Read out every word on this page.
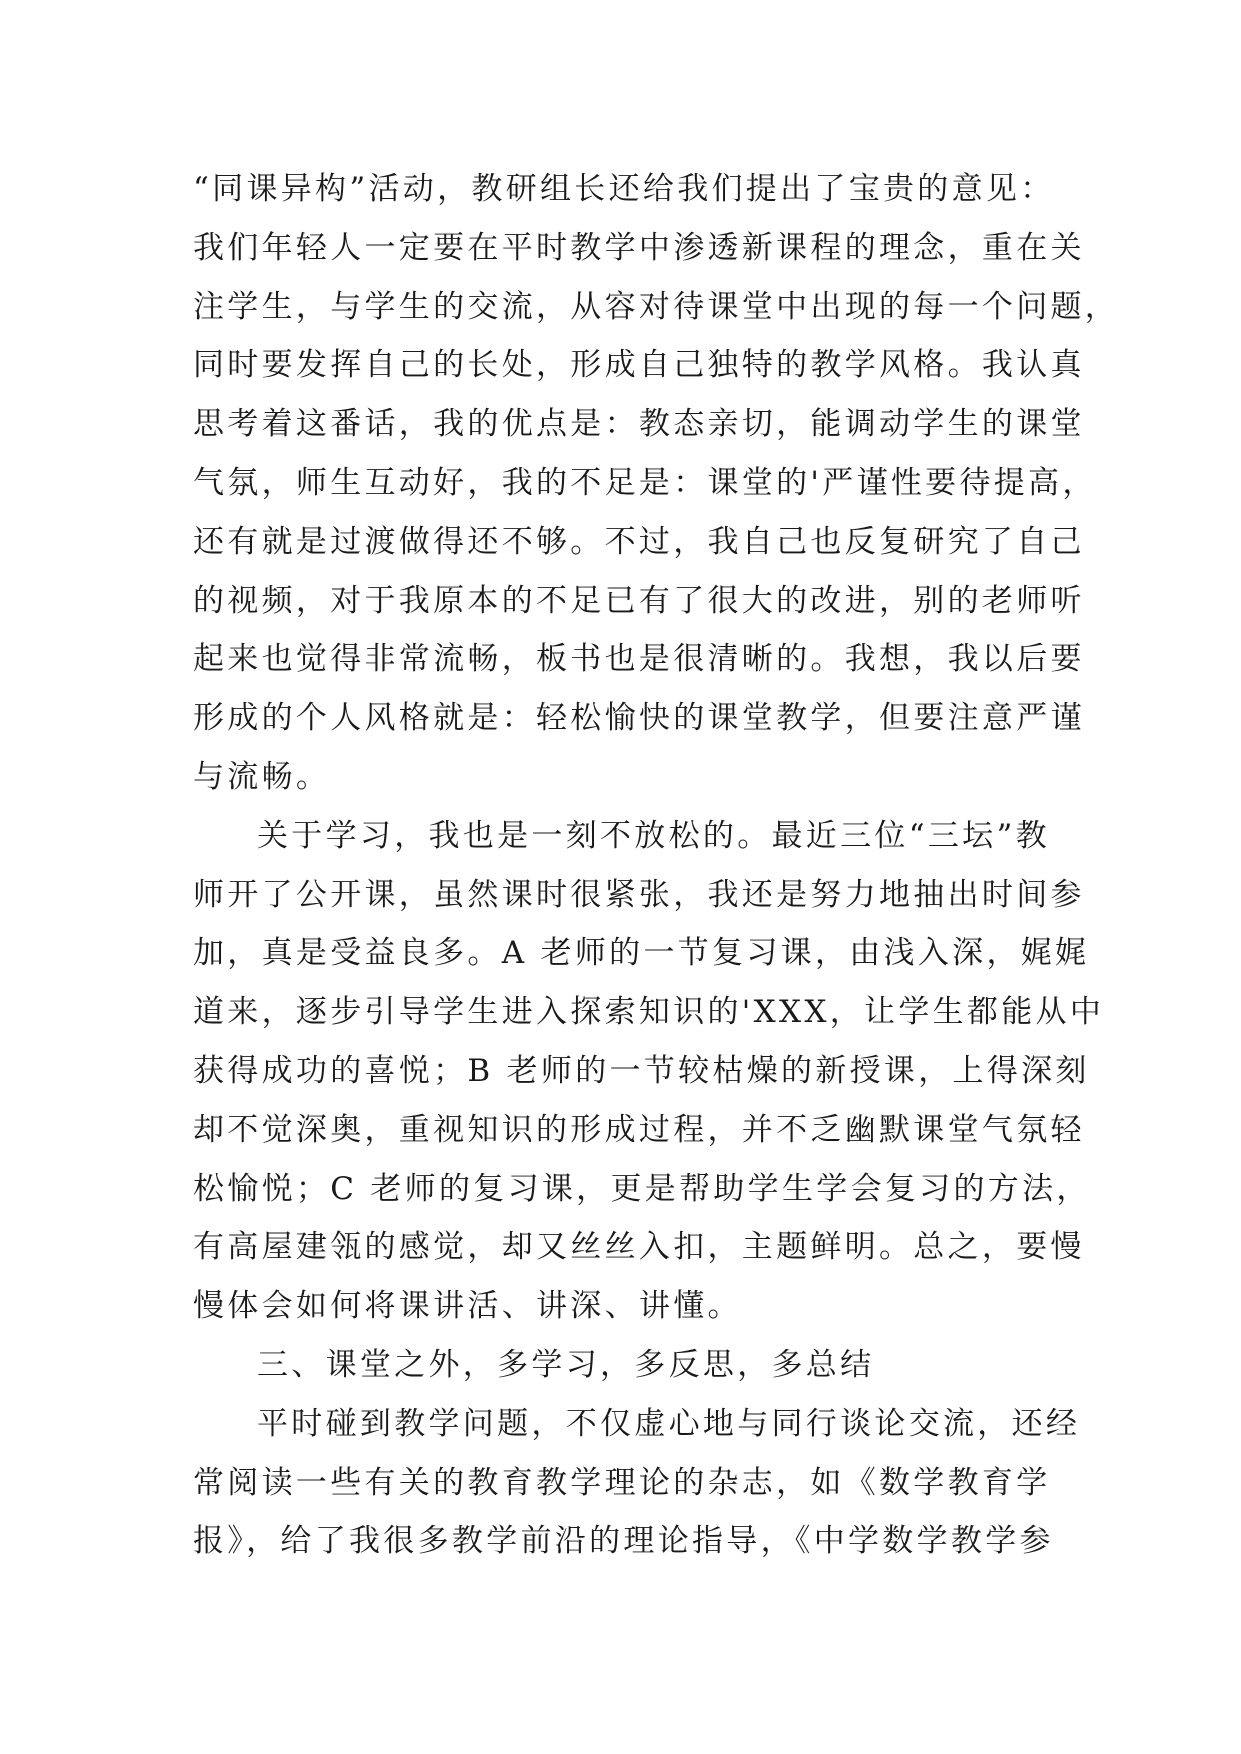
“同课异构”活动，教研组长还给我们提出了宝贵的意见：
我们年轻人一定要在平时教学中渗透新课程的理念，重在关
注学生，与学生的交流，从容对待课堂中出现的每一个问题，
同时要发挥自己的长处，形成自己独特的教学风格。我认真
思考着这番话，我的优点是：教态亲切，能调动学生的课堂
气氛，师生互动好，我的不足是：课堂的'严谨性要待提高，
还有就是过渡做得还不够。不过，我自己也反复研究了自己
的视频，对于我原本的不足已有了很大的改进，别的老师听
起来也觉得非常流畅，板书也是很清晰的。我想，我以后要
形成的个人风格就是：轻松愉快的课堂教学，但要注意严谨
与流畅。
关于学习，我也是一刻不放松的。最近三位“三坛”教
师开了公开课，虽然课时很紧张，我还是努力地抽出时间参
加，真是受益良多。A 老师的一节复习课，由浅入深，娓娓
道来，逐步引导学生进入探索知识的'XXX，让学生都能从中
获得成功的喜悦；B 老师的一节较枯燥的新授课，上得深刻
却不觉深奥，重视知识的形成过程，并不乏幽默课堂气氛轻
松愉悦；C 老师的复习课，更是帮助学生学会复习的方法，
有高屋建瓴的感觉，却又丝丝入扣，主题鲜明。总之，要慢
慢体会如何将课讲活、讲深、讲懂。
三、课堂之外，多学习，多反思，多总结
平时碰到教学问题，不仅虚心地与同行谈论交流，还经
常阅读一些有关的教育教学理论的杂志，如《数学教育学
报》，给了我很多教学前沿的理论指导，《中学数学教学参
